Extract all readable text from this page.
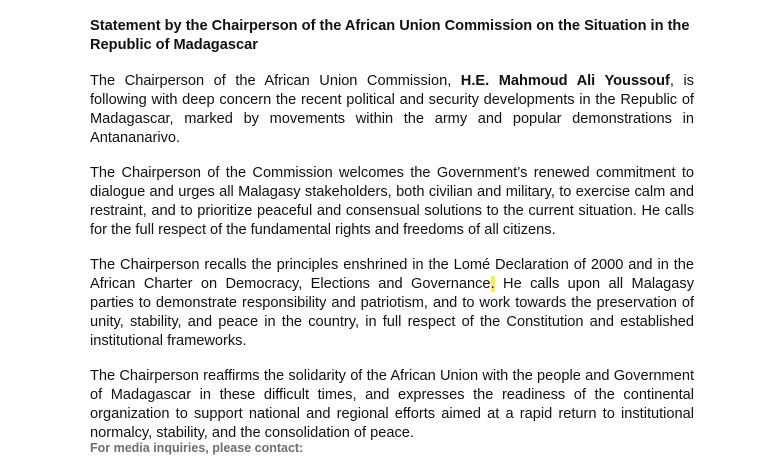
Statement by the Chairperson of the African Union Commission on the Situation in the Republic of Madagascar

The Chairperson of the African Union Commission, H.E. Mahmoud Ali Youssouf, is following with deep concern the recent political and security developments in the Republic of Madagascar, marked by movements within the army and popular demonstrations in Antananarivo.

The Chairperson of the Commission welcomes the Government’s renewed commitment to dialogue and urges all Malagasy stakeholders, both civilian and military, to exercise calm and restraint, and to prioritize peaceful and consensual solutions to the current situation. He calls for the full respect of the fundamental rights and freedoms of all citizens.

The Chairperson recalls the principles enshrined in the Lomé Declaration of 2000 and in the African Charter on Democracy, Elections and Governance. He calls upon all Malagasy parties to demonstrate responsibility and patriotism, and to work towards the preservation of unity, stability, and peace in the country, in full respect of the Constitution and established institutional frameworks.

The Chairperson reaffirms the solidarity of the African Union with the people and Government of Madagascar in these difficult times, and expresses the readiness of the continental organization to support national and regional efforts aimed at a rapid return to institutional normalcy, stability, and the consolidation of peace.

For media inquiries, please contact:
